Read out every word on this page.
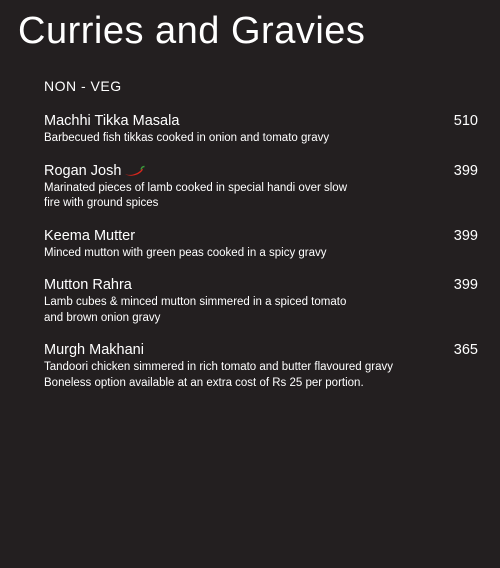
Curries and Gravies
NON - VEG
Machhi Tikka Masala	510
Barbecued fish tikkas cooked in onion and tomato gravy
Rogan Josh	399
Marinated pieces of lamb cooked in special handi over slow
fire with ground spices
Keema Mutter	399
Minced mutton with green peas cooked in a spicy gravy
Mutton Rahra	399
Lamb cubes & minced mutton simmered in a spiced tomato
and brown onion gravy
Murgh Makhani	365
Tandoori chicken simmered in rich tomato and butter flavoured gravy
Boneless option available at an extra cost of Rs 25 per portion.
